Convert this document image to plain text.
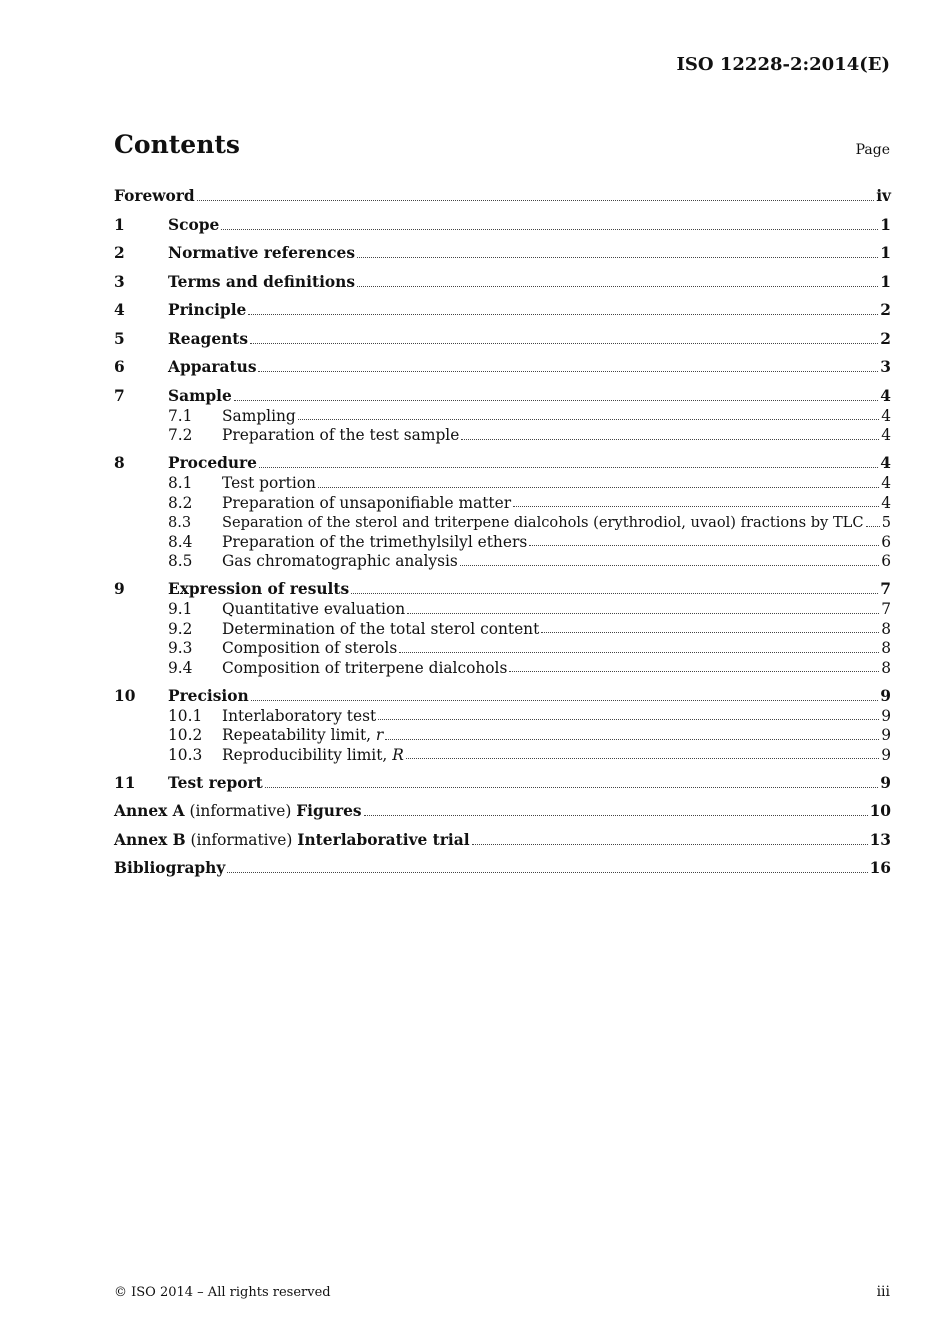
ISO 12228-2:2014(E)
Contents	Page
Foreword	iv
1	Scope	1
2	Normative references	1
3	Terms and definitions	1
4	Principle	2
5	Reagents	2
6	Apparatus	3
7	Sample	4
7.1	Sampling	4
7.2	Preparation of the test sample	4
8	Procedure	4
8.1	Test portion	4
8.2	Preparation of unsaponifiable matter	4
8.3	Separation of the sterol and triterpene dialcohols (erythrodiol, uvaol) fractions by TLC 5
8.4	Preparation of the trimethylsilyl ethers	6
8.5	Gas chromatographic analysis	6
9	Expression of results	7
9.1	Quantitative evaluation	7
9.2	Determination of the total sterol content	8
9.3	Composition of sterols	8
9.4	Composition of triterpene dialcohols	8
10	Precision	9
10.1	Interlaboratory test	9
10.2	Repeatability limit, r	9
10.3	Reproducibility limit, R	9
11	Test report	9
Annex A (informative) Figures	10
Annex B (informative) Interlaborative trial	13
Bibliography	16
© ISO 2014 – All rights reserved	iii
